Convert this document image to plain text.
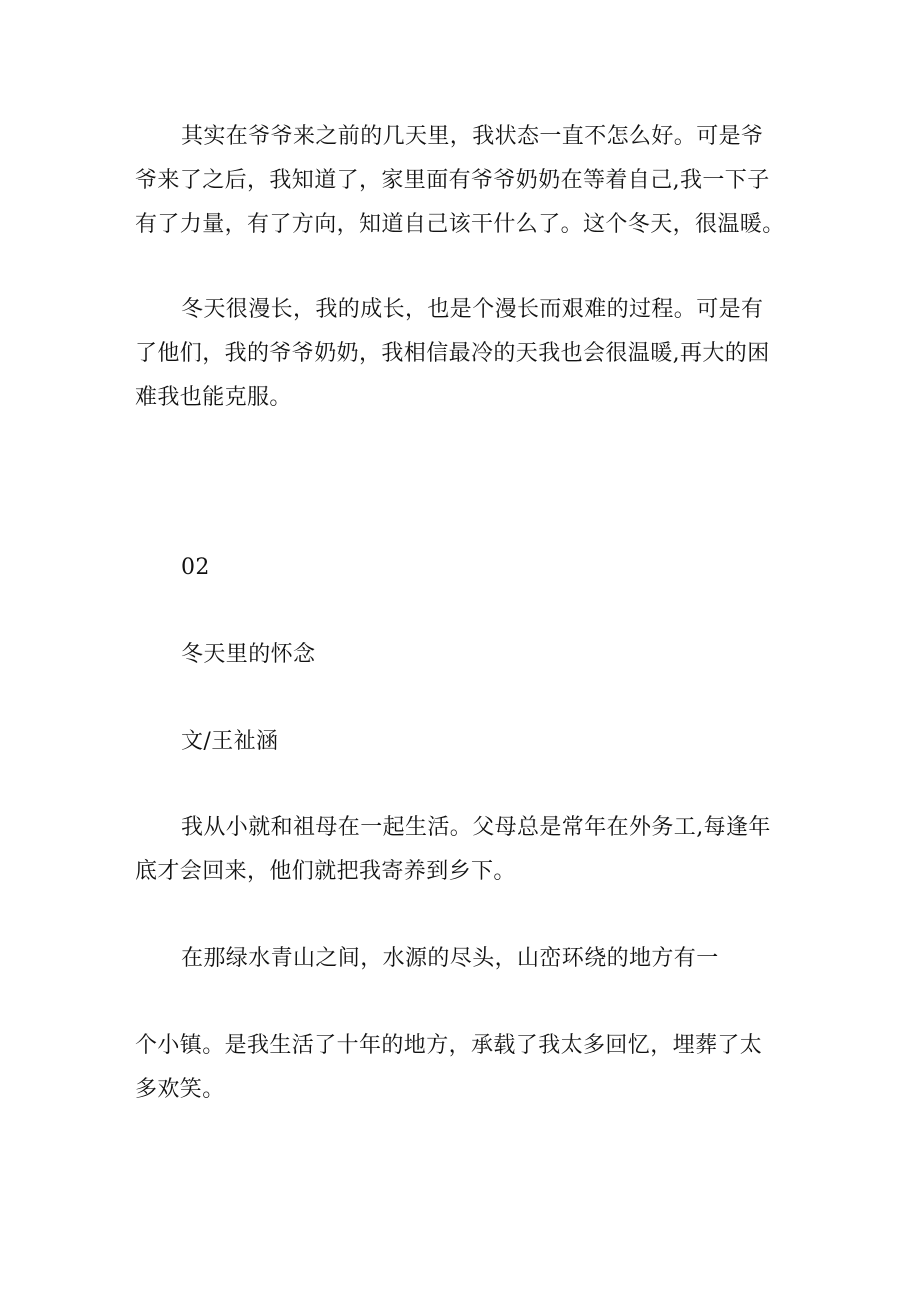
其实在爷爷来之前的几天里，我状态一直不怎么好。可是爷

爷来了之后，我知道了，家里面有爷爷奶奶在等着自己,我一下子

有了力量，有了方向，知道自己该干什么了。这个冬天，很温暖。

冬天很漫长，我的成长，也是个漫长而艰难的过程。可是有

了他们，我的爷爷奶奶，我相信最冷的天我也会很温暖,再大的困

难我也能克服。

02

冬天里的怀念

文/王祉涵

我从小就和祖母在一起生活。父母总是常年在外务工,每逢年

底才会回来，他们就把我寄养到乡下。

在那绿水青山之间，水源的尽头，山峦环绕的地方有一

个小镇。是我生活了十年的地方，承载了我太多回忆，埋葬了太

多欢笑。
